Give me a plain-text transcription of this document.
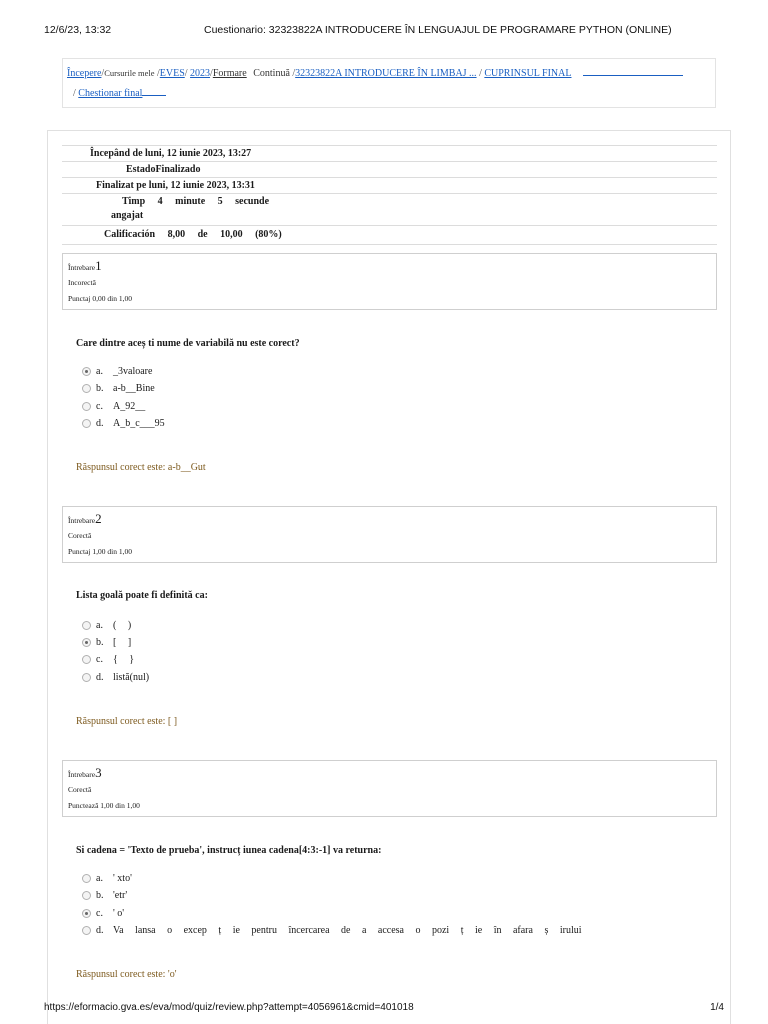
12/6/23, 13:32	Cuestionario: 32323822A INTRODUCERE ÎN LENGUAJUL DE PROGRAMARE PYTHON (ONLINE)
Începere/Cursurile mele /EVES/ 2023/Formare Continuă /32323822A INTRODUCERE ÎN LIMBAJ ... / CUPRINSUL FINAL
/ Chestionar final
Începând de luni, 12 iunie 2023, 13:27
EstadoFinalizado
Finalizat pe luni, 12 iunie 2023, 13:31
Timp 4 minute 5 secunde
angajat
Calificación 8,00 de 10,00 (80%)
Întrebare1
Incorectă
Punctaj 0,00 din 1,00
Care dintre aceș ti nume de variabilă nu este corect?
a. _3valoare
b. a-b__Bine
c. A_92__
d. A_b_c___95
Răspunsul corect este: a-b__Gut
Întrebare2
Corectă
Punctaj 1,00 din 1,00
Lista goală poate fi definită ca:
a. ( )
b. [ ]
c. { }
d. listă(nul)
Răspunsul corect este: [ ]
Întrebare3
Corectă
Punctează 1,00 din 1,00
Si cadena = 'Texto de prueba', instrucț iunea cadena[4:3:-1] va returna:
a. ' xto'
b. 'etr'
c. ' o'
d. Va lansa o excep ț ie pentru încercarea de a accesa o pozi ț ie în afara ș irului
Răspunsul corect este: 'o'
https://eformacio.gva.es/eva/mod/quiz/review.php?attempt=4056961&cmid=401018	1/4
